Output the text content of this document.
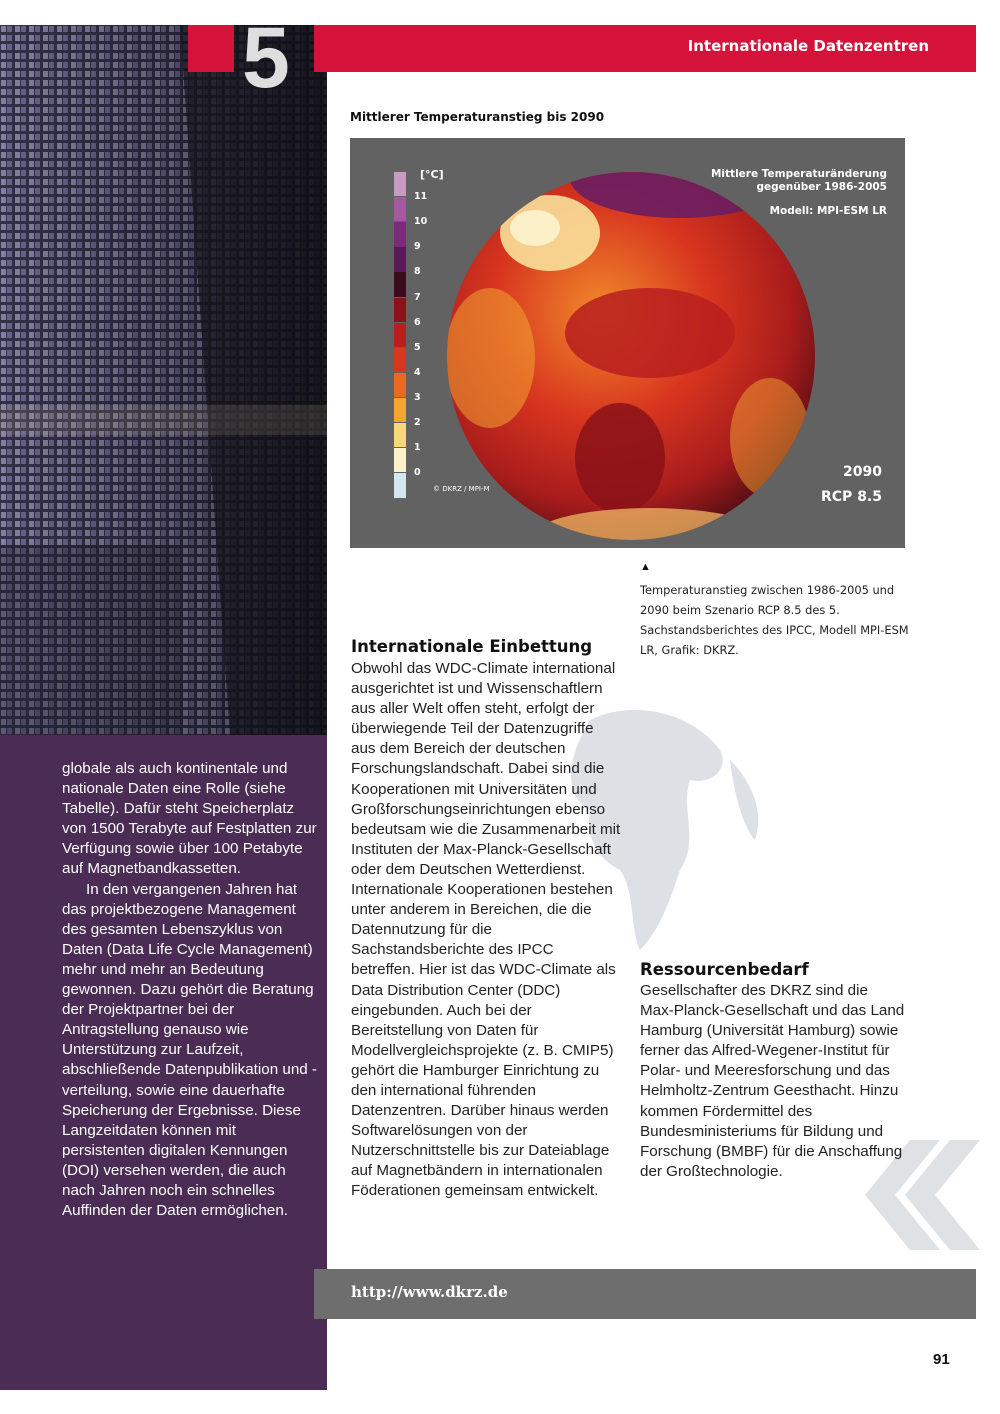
globale als auch kontinentale und nationale Daten eine Rolle (siehe Tabelle). Dafür steht Speicherplatz von 1500 Terabyte auf Festplatten zur Verfügung sowie über 100 Petabyte auf Magnetbandkassetten.

In den vergangenen Jahren hat das projektbezogene Management des gesamten Lebenszyklus von Daten (Data Life Cycle Management) mehr und mehr an Bedeutung gewonnen. Dazu gehört die Beratung der Projektpartner bei der Antragstellung genauso wie Unterstützung zur Laufzeit, abschließende Datenpublikation und -verteilung, sowie eine dauerhafte Speicherung der Ergebnisse. Diese Langzeitdaten können mit persistenten digitalen Kennungen (DOI) versehen werden, die auch nach Jahren noch ein schnelles Auffinden der Daten ermöglichen.

5	Internationale Datenzentren
Mittlerer Temperaturanstieg bis 2090
[°C]
11
10
9
8
7
6
5
4
3
2
1
0
© DKRZ / MPI-M
Mittlere Temperaturänderung
gegenüber 1986-2005
Modell: MPI-ESM LR
2090
RCP 8.5
▲
Temperaturanstieg zwischen 1986-2005 und 2090 beim Szenario RCP 8.5 des 5. Sachstandsberichtes des IPCC, Modell MPI-ESM LR, Grafik: DKRZ.
Internationale Einbettung

Obwohl das WDC-Climate international ausgerichtet ist und Wissenschaftlern aus aller Welt offen steht, erfolgt der überwiegende Teil der Datenzugriffe aus dem Bereich der deutschen Forschungslandschaft. Dabei sind die Kooperationen mit Universitäten und Großforschungseinrichtungen ebenso bedeutsam wie die Zusammenarbeit mit Instituten der Max-Planck-Gesellschaft oder dem Deutschen Wetterdienst. Internationale Kooperationen bestehen unter anderem in Bereichen, die die Datennutzung für die Sachstandsberichte des IPCC betreffen. Hier ist das WDC-Climate als Data Distribution Center (DDC) eingebunden. Auch bei der Bereitstellung von Daten für Modellvergleichsprojekte (z. B. CMIP5) gehört die Hamburger Einrichtung zu den international führenden Datenzentren. Darüber hinaus werden Softwarelösungen von der Nutzerschnittstelle bis zur Dateiablage auf Magnetbändern in internationalen Föderationen gemeinsam entwickelt.

Ressourcenbedarf

Gesellschafter des DKRZ sind die Max-Planck-Gesellschaft und das Land Hamburg (Universität Hamburg) sowie ferner das Alfred-Wegener-Institut für Polar- und Meeresforschung und das Helmholtz-Zentrum Geesthacht. Hinzu kommen Fördermittel des Bundesministeriums für Bildung und Forschung (BMBF) für die Anschaffung der Großtechnologie.

http://www.dkrz.de
91
